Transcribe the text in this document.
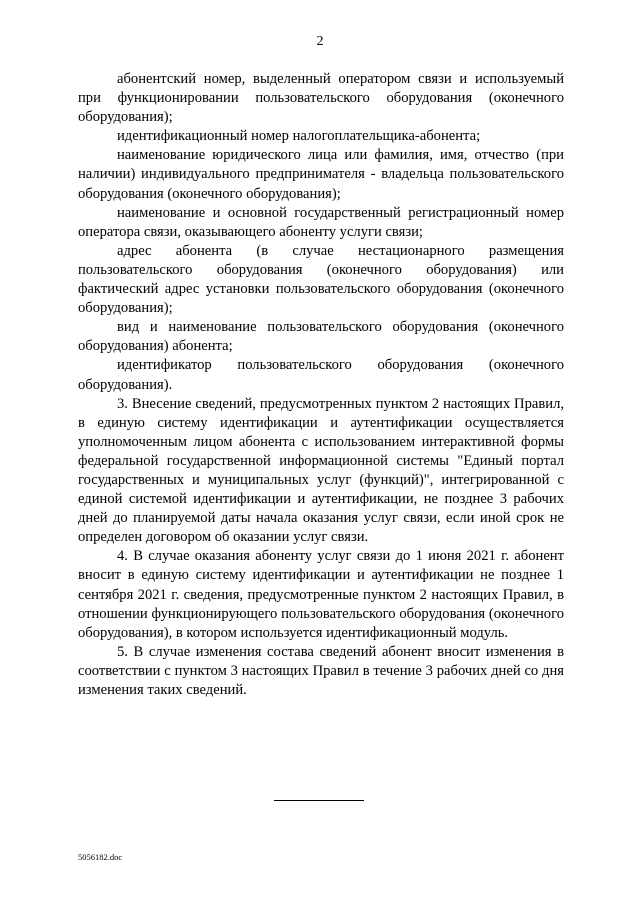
2

абонентский номер, выделенный оператором связи и используемый при функционировании пользовательского оборудования (оконечного оборудования);

идентификационный номер налогоплательщика-абонента;

наименование юридического лица или фамилия, имя, отчество (при наличии) индивидуального предпринимателя - владельца пользовательского оборудования (оконечного оборудования);

наименование и основной государственный регистрационный номер оператора связи, оказывающего абоненту услуги связи;

адрес абонента (в случае нестационарного размещения пользовательского оборудования (оконечного оборудования) или фактический адрес установки пользовательского оборудования (оконечного оборудования);

вид и наименование пользовательского оборудования (оконечного оборудования) абонента;

идентификатор пользовательского оборудования (оконечного оборудования).

3. Внесение сведений, предусмотренных пунктом 2 настоящих Правил, в единую систему идентификации и аутентификации осуществляется уполномоченным лицом абонента с использованием интерактивной формы федеральной государственной информационной системы "Единый портал государственных и муниципальных услуг (функций)", интегрированной с единой системой идентификации и аутентификации, не позднее 3 рабочих дней до планируемой даты начала оказания услуг связи, если иной срок не определен договором об оказании услуг связи.

4. В случае оказания абоненту услуг связи до 1 июня 2021 г. абонент вносит в единую систему идентификации и аутентификации не позднее 1 сентября 2021 г. сведения, предусмотренные пунктом 2 настоящих Правил, в отношении функционирующего пользовательского оборудования (оконечного оборудования), в котором используется идентификационный модуль.

5. В случае изменения состава сведений абонент вносит изменения в соответствии с пунктом 3 настоящих Правил в течение 3 рабочих дней со дня изменения таких сведений.

5056182.doc
